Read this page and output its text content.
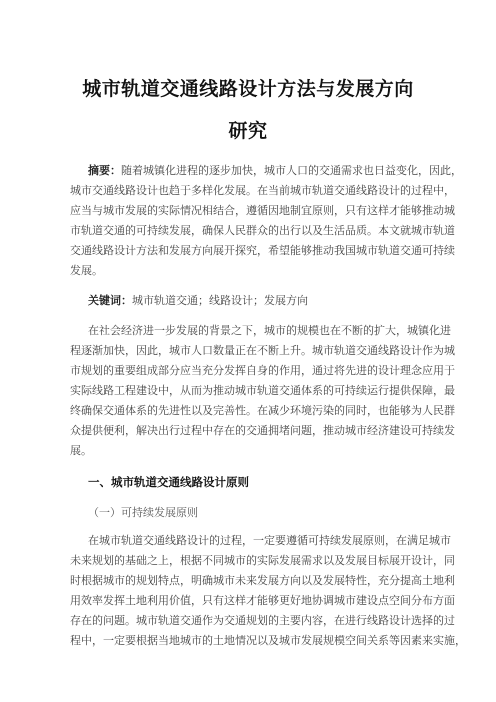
城市轨道交通线路设计方法与发展方向
研究
摘要：随着城镇化进程的逐步加快，城市人口的交通需求也日益变化，因此，
城市交通线路设计也趋于多样化发展。在当前城市轨道交通线路设计的过程中，
应当与城市发展的实际情况相结合，遵循因地制宜原则，只有这样才能够推动城
市轨道交通的可持续发展，确保人民群众的出行以及生活品质。本文就城市轨道
交通线路设计方法和发展方向展开探究，希望能够推动我国城市轨道交通可持续
发展。
关键词：城市轨道交通；线路设计；发展方向
在社会经济进一步发展的背景之下，城市的规模也在不断的扩大，城镇化进
程逐渐加快，因此，城市人口数量正在不断上升。城市轨道交通线路设计作为城
市规划的重要组成部分应当充分发挥自身的作用，通过将先进的设计理念应用于
实际线路工程建设中，从而为推动城市轨道交通体系的可持续运行提供保障，最
终确保交通体系的先进性以及完善性。在减少环境污染的同时，也能够为人民群
众提供便利，解决出行过程中存在的交通拥堵问题，推动城市经济建设可持续发
展。
一、城市轨道交通线路设计原则
（一）可持续发展原则
在城市轨道交通线路设计的过程，一定要遵循可持续发展原则，在满足城市
未来规划的基础之上，根据不同城市的实际发展需求以及发展目标展开设计，同
时根据城市的规划特点，明确城市未来发展方向以及发展特性，充分提高土地利
用效率发挥土地利用价值，只有这样才能够更好地协调城市建设点空间分布方面
存在的问题。城市轨道交通作为交通规划的主要内容，在进行线路设计选择的过
程中，一定要根据当地城市的土地情况以及城市发展规模空间关系等因素来实施，
